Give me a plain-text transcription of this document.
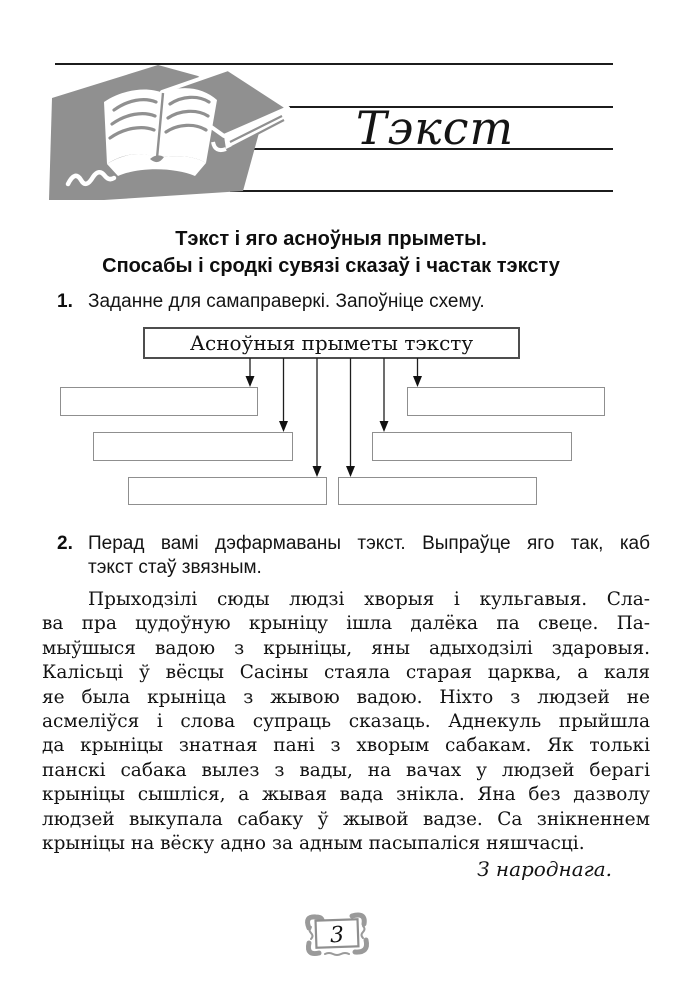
Тэкст
Тэкст і яго асноўныя прыметы.
Спосабы і сродкі сувязі сказаў і частак тэксту
1. Заданне для самаправеркі. Запоўніце схему.
Асноўныя прыметы тэксту
2. Перад вамі дэфармаваны тэкст. Выпраўце яго так, каб
тэкст стаў звязным.
Прыходзілі сюды людзі хворыя і кульгавыя. Сла-
ва пра цудоўную крыніцу ішла далёка па свеце. Па-
мыўшыся вадою з крыніцы, яны адыходзілі здаровыя.
Калісьці ў вёсцы Сасіны стаяла старая царква, а каля
яе была крыніца з жывою вадою. Ніхто з людзей не
асмеліўся і слова супраць сказаць. Аднекуль прыйшла
да крыніцы знатная пані з хворым сабакам. Як толькі
панскі сабака вылез з вады, на вачах у людзей берагі
крыніцы сышліся, а жывая вада знікла. Яна без дазволу
людзей выкупала сабаку ў жывой вадзе. Са знікненнем
крыніцы на вёску адно за адным пасыпаліся няшчасці.
З народнага.
3
